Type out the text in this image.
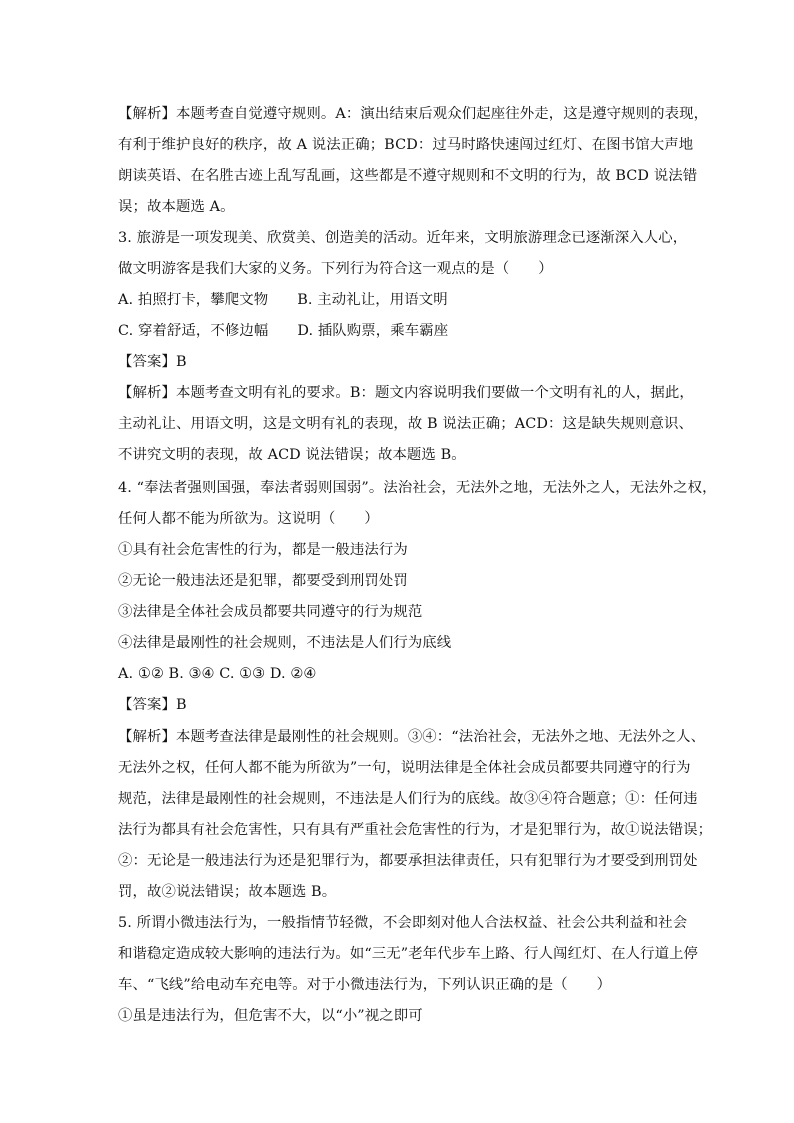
【解析】本题考查自觉遵守规则。A：演出结束后观众们起座往外走，这是遵守规则的表现，
有利于维护良好的秩序，故 A 说法正确；BCD：过马时路快速闯过红灯、在图书馆大声地
朗读英语、在名胜古迹上乱写乱画，这些都是不遵守规则和不文明的行为，故 BCD 说法错
误；故本题选 A。
3. 旅游是一项发现美、欣赏美、创造美的活动。近年来，文明旅游理念已逐渐深入人心，
做文明游客是我们大家的义务。下列行为符合这一观点的是（　　）
A. 拍照打卡，攀爬文物　　B. 主动礼让，用语文明
C. 穿着舒适，不修边幅　　D. 插队购票，乘车霸座
【答案】B
【解析】本题考查文明有礼的要求。B：题文内容说明我们要做一个文明有礼的人，据此，
主动礼让、用语文明，这是文明有礼的表现，故 B 说法正确；ACD：这是缺失规则意识、
不讲究文明的表现，故 ACD 说法错误；故本题选 B。
4. “奉法者强则国强，奉法者弱则国弱”。法治社会，无法外之地，无法外之人，无法外之权，
任何人都不能为所欲为。这说明（　　）
①具有社会危害性的行为，都是一般违法行为
②无论一般违法还是犯罪，都要受到刑罚处罚
③法律是全体社会成员都要共同遵守的行为规范
④法律是最刚性的社会规则，不违法是人们行为底线
A. ①② B. ③④ C. ①③ D. ②④
【答案】B
【解析】本题考查法律是最刚性的社会规则。③④：“法治社会，无法外之地、无法外之人、
无法外之权，任何人都不能为所欲为”一句，说明法律是全体社会成员都要共同遵守的行为
规范，法律是最刚性的社会规则，不违法是人们行为的底线。故③④符合题意；①：任何违
法行为都具有社会危害性，只有具有严重社会危害性的行为，才是犯罪行为，故①说法错误；
②：无论是一般违法行为还是犯罪行为，都要承担法律责任，只有犯罪行为才要受到刑罚处
罚，故②说法错误；故本题选 B。
5. 所谓小微违法行为，一般指情节轻微，不会即刻对他人合法权益、社会公共利益和社会
和谐稳定造成较大影响的违法行为。如“三无”老年代步车上路、行人闯红灯、在人行道上停
车、“飞线”给电动车充电等。对于小微违法行为，下列认识正确的是（　　）
①虽是违法行为，但危害不大，以“小”视之即可
